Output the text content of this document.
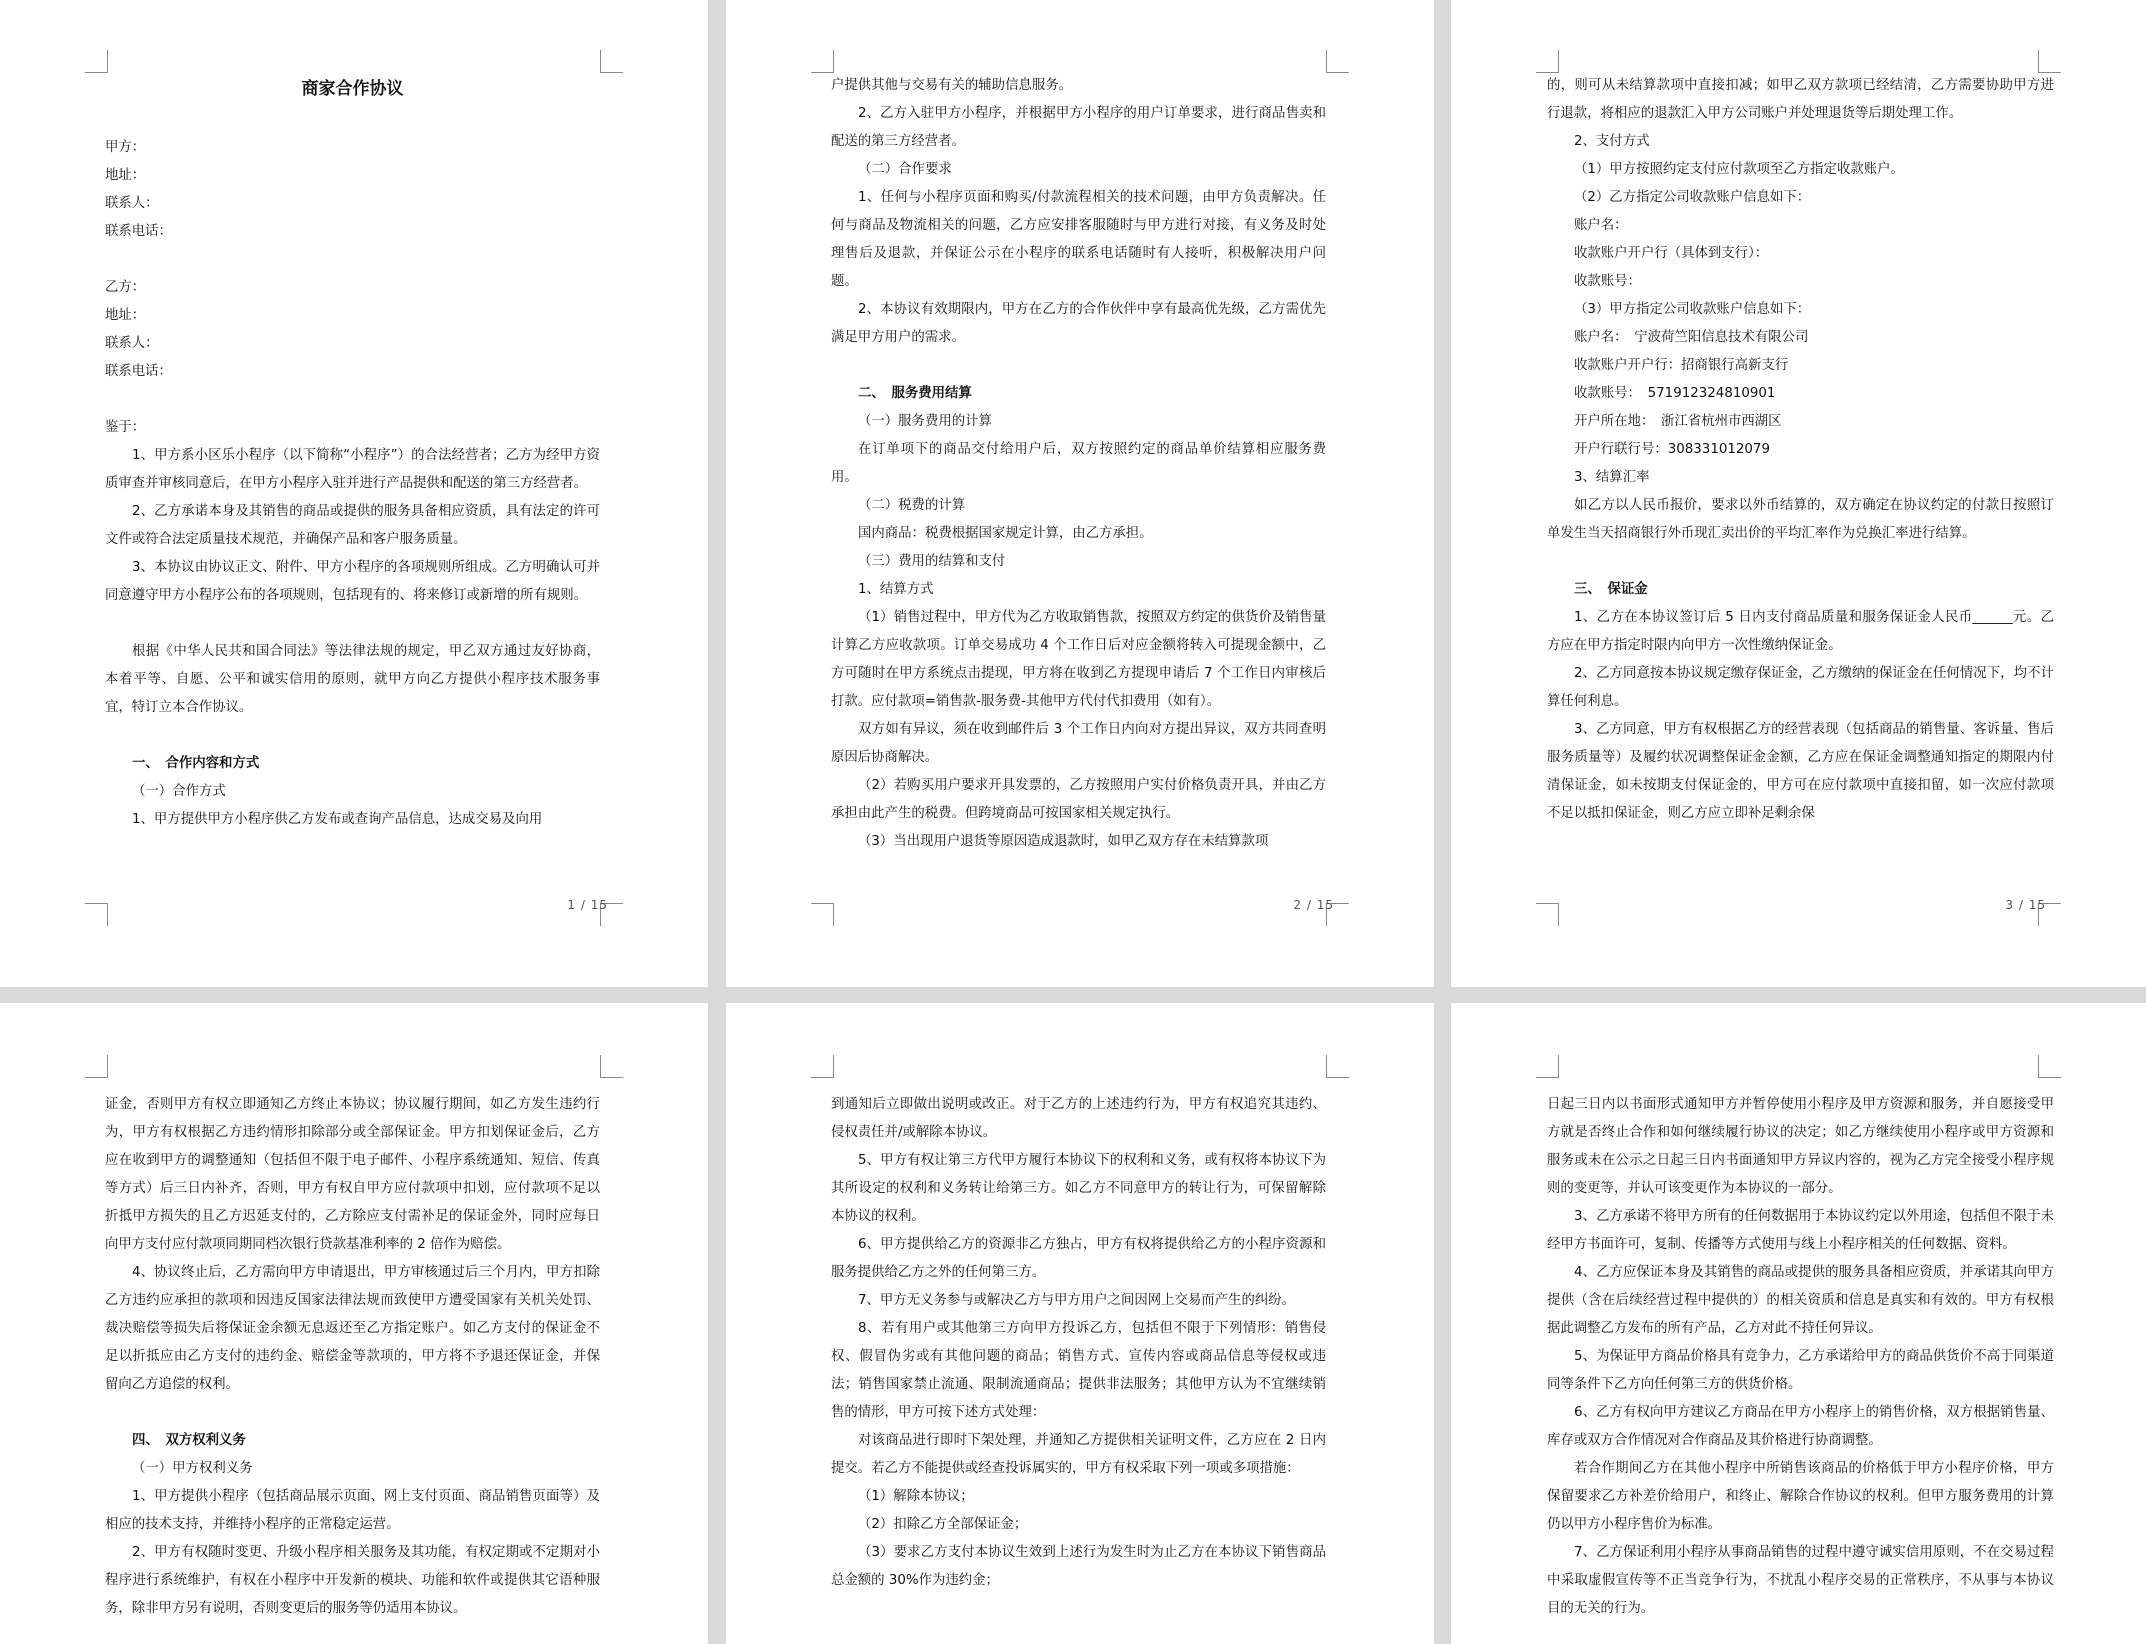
商家合作协议
甲方：
地址：
联系人：
联系电话：
乙方：
地址：
联系人：
联系电话：
鉴于：
1、甲方系小区乐小程序（以下简称“小程序”）的合法经营者；乙方为经甲方资质审查并审核同意后，在甲方小程序入驻并进行产品提供和配送的第三方经营者。
2、乙方承诺本身及其销售的商品或提供的服务具备相应资质，具有法定的许可文件或符合法定质量技术规范，并确保产品和客户服务质量。
3、本协议由协议正文、附件、甲方小程序的各项规则所组成。乙方明确认可并同意遵守甲方小程序公布的各项规则，包括现有的、将来修订或新增的所有规则。
根据《中华人民共和国合同法》等法律法规的规定，甲乙双方通过友好协商，本着平等、自愿、公平和诚实信用的原则，就甲方向乙方提供小程序技术服务事宜，特订立本合作协议。
一、　合作内容和方式
（一）合作方式
1、甲方提供甲方小程序供乙方发布或查询产品信息，达成交易及向用
1 / 15
户提供其他与交易有关的辅助信息服务。
2、乙方入驻甲方小程序，并根据甲方小程序的用户订单要求，进行商品售卖和配送的第三方经营者。
（二）合作要求
1、任何与小程序页面和购买/付款流程相关的技术问题，由甲方负责解决。任何与商品及物流相关的问题，乙方应安排客服随时与甲方进行对接，有义务及时处理售后及退款，并保证公示在小程序的联系电话随时有人接听，积极解决用户问题。
2、本协议有效期限内，甲方在乙方的合作伙伴中享有最高优先级，乙方需优先满足甲方用户的需求。
二、　服务费用结算
（一）服务费用的计算
在订单项下的商品交付给用户后，双方按照约定的商品单价结算相应服务费用。
（二）税费的计算
国内商品：税费根据国家规定计算，由乙方承担。
（三）费用的结算和支付
1、结算方式
（1）销售过程中，甲方代为乙方收取销售款，按照双方约定的供货价及销售量计算乙方应收款项。订单交易成功 4 个工作日后对应金额将转入可提现金额中，乙方可随时在甲方系统点击提现，甲方将在收到乙方提现申请后 7 个工作日内审核后打款。应付款项=销售款-服务费-其他甲方代付代扣费用（如有）。
双方如有异议，须在收到邮件后 3 个工作日内向对方提出异议，双方共同查明原因后协商解决。
（2）若购买用户要求开具发票的，乙方按照用户实付价格负责开具，并由乙方承担由此产生的税费。但跨境商品可按国家相关规定执行。
（3）当出现用户退货等原因造成退款时，如甲乙双方存在未结算款项
2 / 15
的，则可从未结算款项中直接扣减；如甲乙双方款项已经结清，乙方需要协助甲方进行退款，将相应的退款汇入甲方公司账户并处理退货等后期处理工作。
2、支付方式
（1）甲方按照约定支付应付款项至乙方指定收款账户。
（2）乙方指定公司收款账户信息如下：
账户名：
收款账户开户行（具体到支行）：
收款账号：
（3）甲方指定公司收款账户信息如下：
账户名：　宁波荷竺阳信息技术有限公司
收款账户开户行：招商银行高新支行
收款账号：　571912324810901
开户所在地：　浙江省杭州市西湖区
开户行联行号：308331012079
3、结算汇率
如乙方以人民币报价，要求以外币结算的，双方确定在协议约定的付款日按照订单发生当天招商银行外币现汇卖出价的平均汇率作为兑换汇率进行结算。
三、　保证金
1、乙方在本协议签订后 5 日内支付商品质量和服务保证金人民币______元。乙方应在甲方指定时限内向甲方一次性缴纳保证金。
2、乙方同意按本协议规定缴存保证金，乙方缴纳的保证金在任何情况下，均不计算任何利息。
3、乙方同意，甲方有权根据乙方的经营表现（包括商品的销售量、客诉量、售后服务质量等）及履约状况调整保证金金额，乙方应在保证金调整通知指定的期限内付清保证金，如未按期支付保证金的，甲方可在应付款项中直接扣留，如一次应付款项不足以抵扣保证金，则乙方应立即补足剩余保
3 / 15
证金，否则甲方有权立即通知乙方终止本协议；协议履行期间，如乙方发生违约行为，甲方有权根据乙方违约情形扣除部分或全部保证金。甲方扣划保证金后，乙方应在收到甲方的调整通知（包括但不限于电子邮件、小程序系统通知、短信、传真等方式）后三日内补齐，否则，甲方有权自甲方应付款项中扣划，应付款项不足以折抵甲方损失的且乙方迟延支付的，乙方除应支付需补足的保证金外，同时应每日向甲方支付应付款项同期同档次银行贷款基准利率的 2 倍作为赔偿。
4、协议终止后，乙方需向甲方申请退出，甲方审核通过后三个月内，甲方扣除乙方违约应承担的款项和因违反国家法律法规而致使甲方遭受国家有关机关处罚、裁决赔偿等损失后将保证金余额无息返还至乙方指定账户。如乙方支付的保证金不足以折抵应由乙方支付的违约金、赔偿金等款项的，甲方将不予退还保证金，并保留向乙方追偿的权利。
四、　双方权利义务
（一）甲方权利义务
1、甲方提供小程序（包括商品展示页面、网上支付页面、商品销售页面等）及相应的技术支持，并维持小程序的正常稳定运营。
2、甲方有权随时变更、升级小程序相关服务及其功能，有权定期或不定期对小程序进行系统维护，有权在小程序中开发新的模块、功能和软件或提供其它语种服务，除非甲方另有说明，否则变更后的服务等仍适用本协议。
到通知后立即做出说明或改正。对于乙方的上述违约行为，甲方有权追究其违约、侵权责任并/或解除本协议。
5、甲方有权让第三方代甲方履行本协议下的权利和义务，或有权将本协议下为其所设定的权利和义务转让给第三方。如乙方不同意甲方的转让行为，可保留解除本协议的权利。
6、甲方提供给乙方的资源非乙方独占，甲方有权将提供给乙方的小程序资源和服务提供给乙方之外的任何第三方。
7、甲方无义务参与或解决乙方与甲方用户之间因网上交易而产生的纠纷。
8、若有用户或其他第三方向甲方投诉乙方，包括但不限于下列情形：销售侵权、假冒伪劣或有其他问题的商品；销售方式、宣传内容或商品信息等侵权或违法；销售国家禁止流通、限制流通商品；提供非法服务；其他甲方认为不宜继续销售的情形，甲方可按下述方式处理：
对该商品进行即时下架处理，并通知乙方提供相关证明文件，乙方应在 2 日内提交。若乙方不能提供或经查投诉属实的，甲方有权采取下列一项或多项措施：
（1）解除本协议；
（2）扣除乙方全部保证金；
（3）要求乙方支付本协议生效到上述行为发生时为止乙方在本协议下销售商品总金额的 30%作为违约金；
日起三日内以书面形式通知甲方并暂停使用小程序及甲方资源和服务，并自愿接受甲方就是否终止合作和如何继续履行协议的决定；如乙方继续使用小程序或甲方资源和服务或未在公示之日起三日内书面通知甲方异议内容的，视为乙方完全接受小程序规则的变更等，并认可该变更作为本协议的一部分。
3、乙方承诺不将甲方所有的任何数据用于本协议约定以外用途，包括但不限于未经甲方书面许可，复制、传播等方式使用与线上小程序相关的任何数据、资料。
4、乙方应保证本身及其销售的商品或提供的服务具备相应资质，并承诺其向甲方提供（含在后续经营过程中提供的）的相关资质和信息是真实和有效的。甲方有权根据此调整乙方发布的所有产品，乙方对此不持任何异议。
5、为保证甲方商品价格具有竞争力，乙方承诺给甲方的商品供货价不高于同渠道同等条件下乙方向任何第三方的供货价格。
6、乙方有权向甲方建议乙方商品在甲方小程序上的销售价格，双方根据销售量、库存或双方合作情况对合作商品及其价格进行协商调整。
若合作期间乙方在其他小程序中所销售该商品的价格低于甲方小程序价格，甲方保留要求乙方补差价给用户，和终止、解除合作协议的权利。但甲方服务费用的计算仍以甲方小程序售价为标准。
7、乙方保证利用小程序从事商品销售的过程中遵守诚实信用原则，不在交易过程中采取虚假宣传等不正当竞争行为，不扰乱小程序交易的正常秩序，不从事与本协议目的无关的行为。
